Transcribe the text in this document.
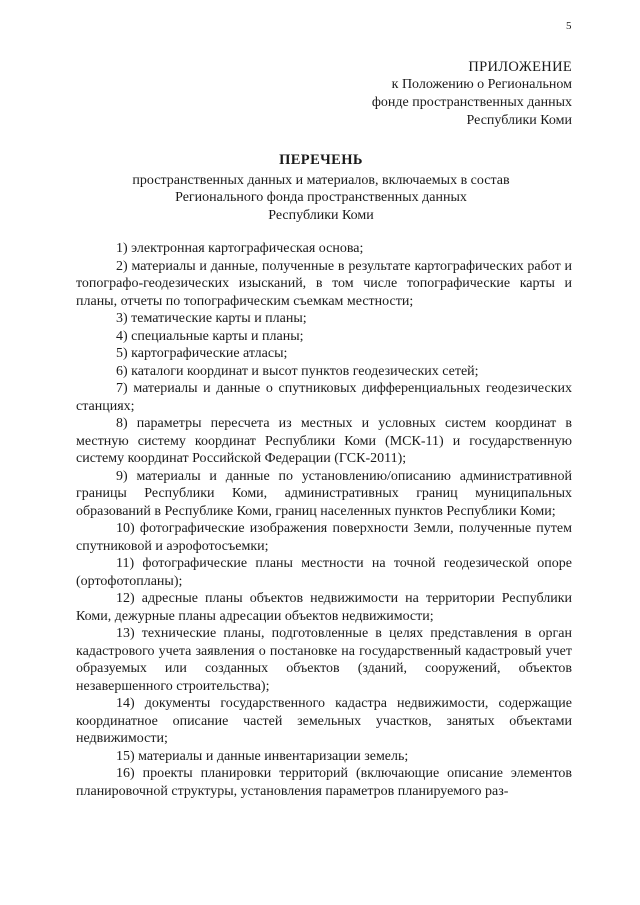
5
ПРИЛОЖЕНИЕ
к Положению о Региональном
фонде пространственных данных
Республики Коми
ПЕРЕЧЕНЬ
пространственных данных и материалов, включаемых в состав
Регионального фонда пространственных данных
Республики Коми

1) электронная картографическая основа;

2) материалы и данные, полученные в результате картографических работ и топографо-геодезических изысканий, в том числе топографические карты и планы, отчеты по топографическим съемкам местности;

3) тематические карты и планы;

4) специальные карты и планы;

5) картографические атласы;

6) каталоги координат и высот пунктов геодезических сетей;

7) материалы и данные о спутниковых дифференциальных геодезических станциях;

8) параметры пересчета из местных и условных систем координат в местную систему координат Республики Коми (МСК-11) и государственную систему координат Российской Федерации (ГСК-2011);

9) материалы и данные по установлению/описанию административной границы Республики Коми, административных границ муниципальных образований в Республике Коми, границ населенных пунктов Республики Коми;

10) фотографические изображения поверхности Земли, полученные путем спутниковой и аэрофотосъемки;

11) фотографические планы местности на точной геодезической опоре (ортофотопланы);

12) адресные планы объектов недвижимости на территории Республики Коми, дежурные планы адресации объектов недвижимости;

13) технические планы, подготовленные в целях представления в орган кадастрового учета заявления о постановке на государственный кадастровый учет образуемых или созданных объектов (зданий, сооружений, объектов незавершенного строительства);

14) документы государственного кадастра недвижимости, содержащие координатное описание частей земельных участков, занятых объектами недвижимости;

15) материалы и данные инвентаризации земель;

16) проекты планировки территорий (включающие описание элементов планировочной структуры, установления параметров планируемого раз-
